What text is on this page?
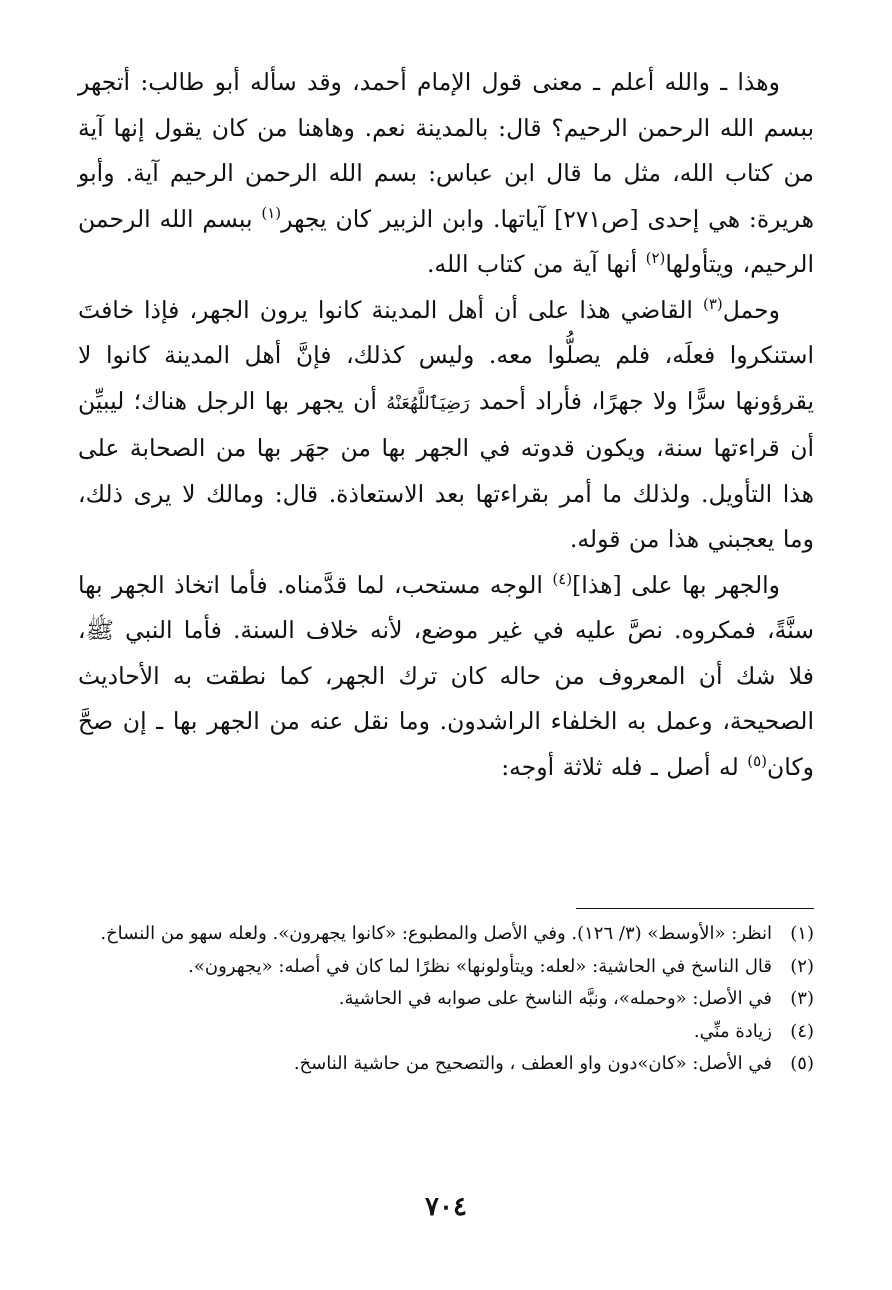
وهذا ـ والله أعلم ـ معنى قول الإمام أحمد، وقد سأله أبو طالب: أتجهر ببسم الله الرحمن الرحيم؟ قال: بالمدينة نعم. وهاهنا من كان يقول إنها آية من كتاب الله، مثل ما قال ابن عباس: بسم الله الرحمن الرحيم آية. وأبو هريرة: هي إحدى [ص٢٧١] آياتها. وابن الزبير كان يجهر$^{(١)}$ ببسم الله الرحمن الرحيم، ويتأولها$^{(٢)}$ أنها آية من كتاب الله.

وحمل$^{(٣)}$ القاضي هذا على أن أهل المدينة كانوا يرون الجهر، فإذا خافتَ استنكروا فعلَه، فلم يصلُّوا معه. وليس كذلك، فإنَّ أهل المدينة كانوا لا يقرؤونها سرًّا ولا جهرًا، فأراد أحمد رَضِيَٱللَّهُعَنْهُ أن يجهر بها الرجل هناك؛ ليبيِّن أن قراءتها سنة، ويكون قدوته في الجهر بها من جهَر بها من الصحابة على هذا التأويل. ولذلك ما أمر بقراءتها بعد الاستعاذة. قال: ومالك لا يرى ذلك، وما يعجبني هذا من قوله.

والجهر بها على [هذا]$^{(٤)}$ الوجه مستحب، لما قدَّمناه. فأما اتخاذ الجهر بها سنَّةً، فمكروه. نصَّ عليه في غير موضع، لأنه خلاف السنة. فأما النبي ﷺ، فلا شك أن المعروف من حاله كان ترك الجهر، كما نطقت به الأحاديث الصحيحة، وعمل به الخلفاء الراشدون. وما نقل عنه من الجهر بها ـ إن صحَّ وكان$^{(٥)}$ له أصل ـ فله ثلاثة أوجه:

(١)
انظر: «الأوسط» (٣/ ١٢٦). وفي الأصل والمطبوع: «كانوا يجهرون». ولعله سهو من النساخ.
(٢)
قال الناسخ في الحاشية: «لعله: ويتأولونها» نظرًا لما كان في أصله: «يجهرون».
(٣)
في الأصل: «وحمله»، ونبَّه الناسخ على صوابه في الحاشية.
(٤)
زيادة منِّي.
(٥)
في الأصل: «كان»دون واو العطف ، والتصحيح من حاشية الناسخ.
٧٠٤
